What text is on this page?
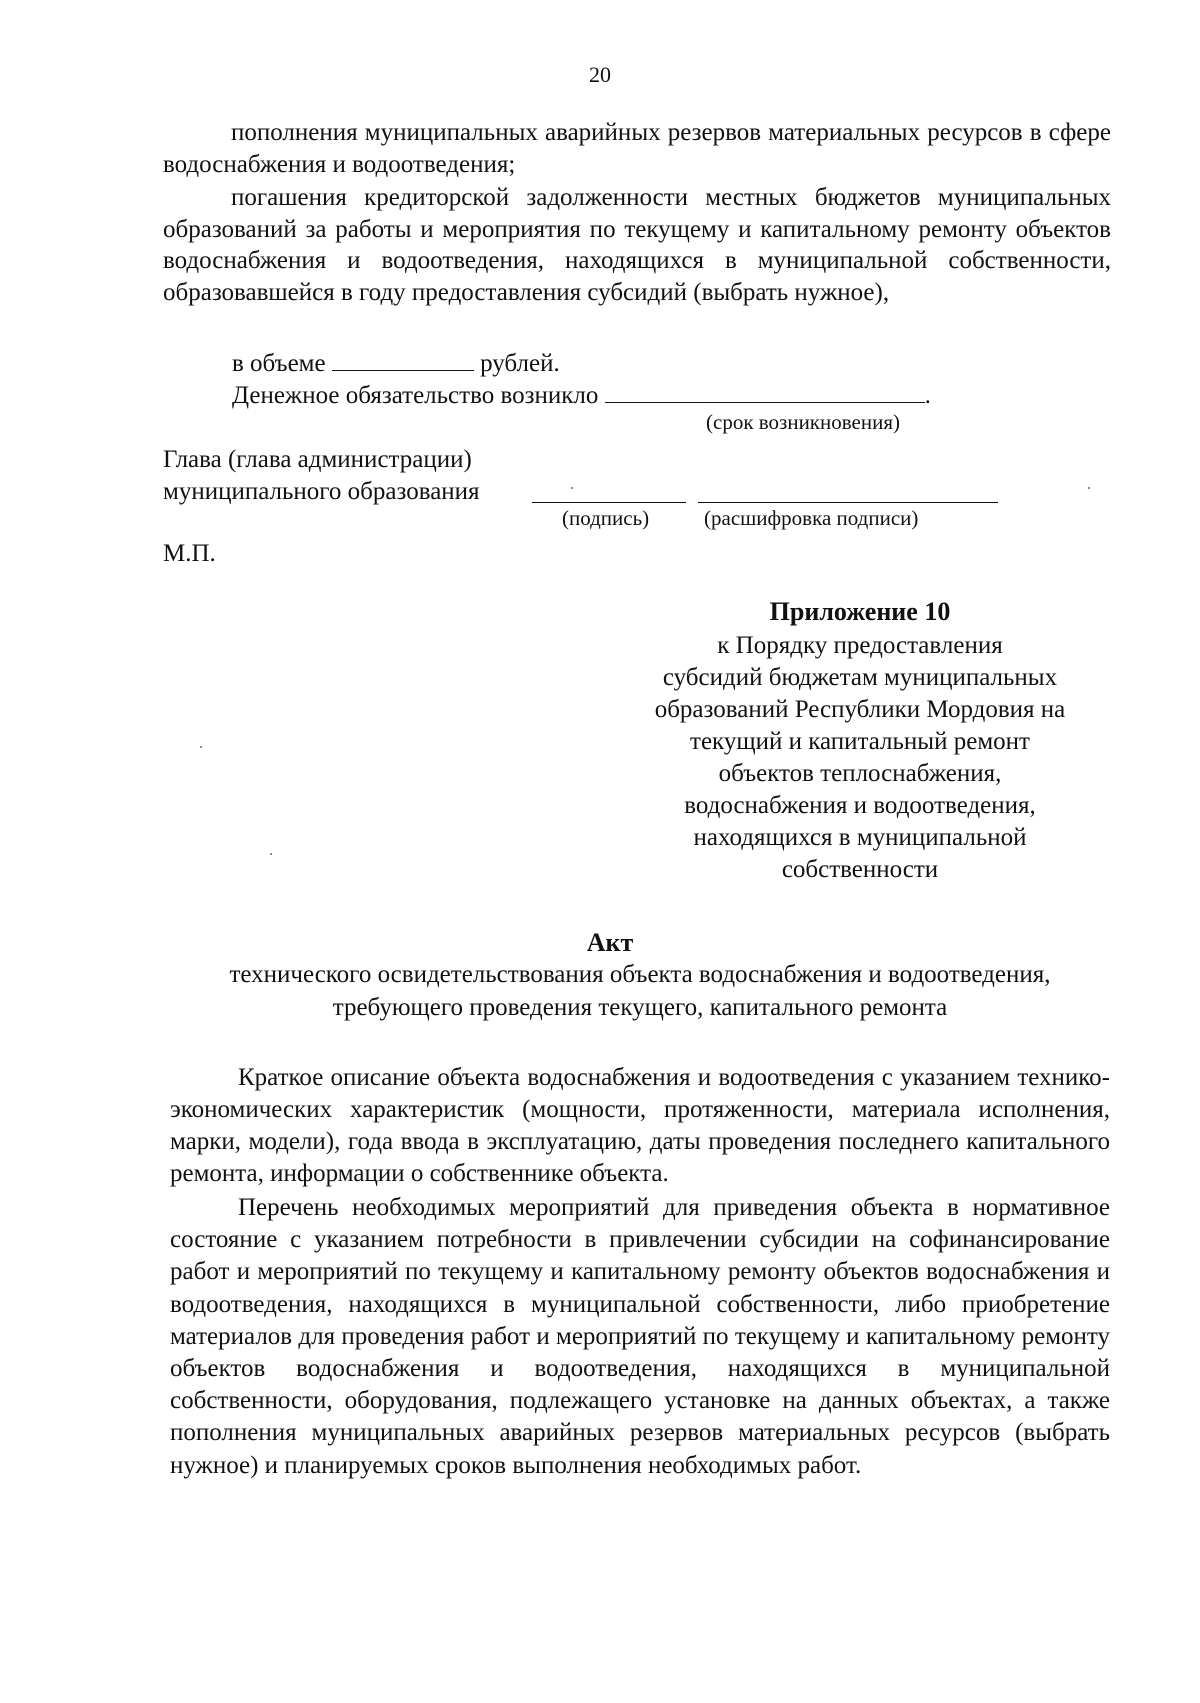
20
пополнения муниципальных аварийных резервов материальных ресурсов в сфере водоснабжения и водоотведения;
погашения кредиторской задолженности местных бюджетов муниципальных образований за работы и мероприятия по текущему и капитальному ремонту объектов водоснабжения и водоотведения, находящихся в муниципальной собственности, образовавшейся в году предоставления субсидий (выбрать нужное),
в объеме	рублей.
Денежное обязательство возникло	.
(срок возникновения)
Глава (глава администрации)
муниципального образования
(подпись)	(расшифровка подписи)
М.П.
Приложение 10
к Порядку предоставления
субсидий бюджетам муниципальных
образований Республики Мордовия на
текущий и капитальный ремонт
объектов теплоснабжения,
водоснабжения и водоотведения,
находящихся в муниципальной
собственности
Акт
технического освидетельствования объекта водоснабжения и водоотведения,
требующего проведения текущего, капитального ремонта
Краткое описание объекта водоснабжения и водоотведения с указанием технико-экономических характеристик (мощности, протяженности, материала исполнения, марки, модели), года ввода в эксплуатацию, даты проведения последнего капитального ремонта, информации о собственнике объекта.
Перечень необходимых мероприятий для приведения объекта в нормативное состояние с указанием потребности в привлечении субсидии на софинансирование работ и мероприятий по текущему и капитальному ремонту объектов водоснабжения и водоотведения, находящихся в муниципальной собственности, либо приобретение материалов для проведения работ и мероприятий по текущему и капитальному ремонту объектов водоснабжения и водоотведения, находящихся в муниципальной собственности, оборудования, подлежащего установке на данных объектах, а также пополнения муниципальных аварийных резервов материальных ресурсов (выбрать нужное) и планируемых сроков выполнения необходимых работ.
